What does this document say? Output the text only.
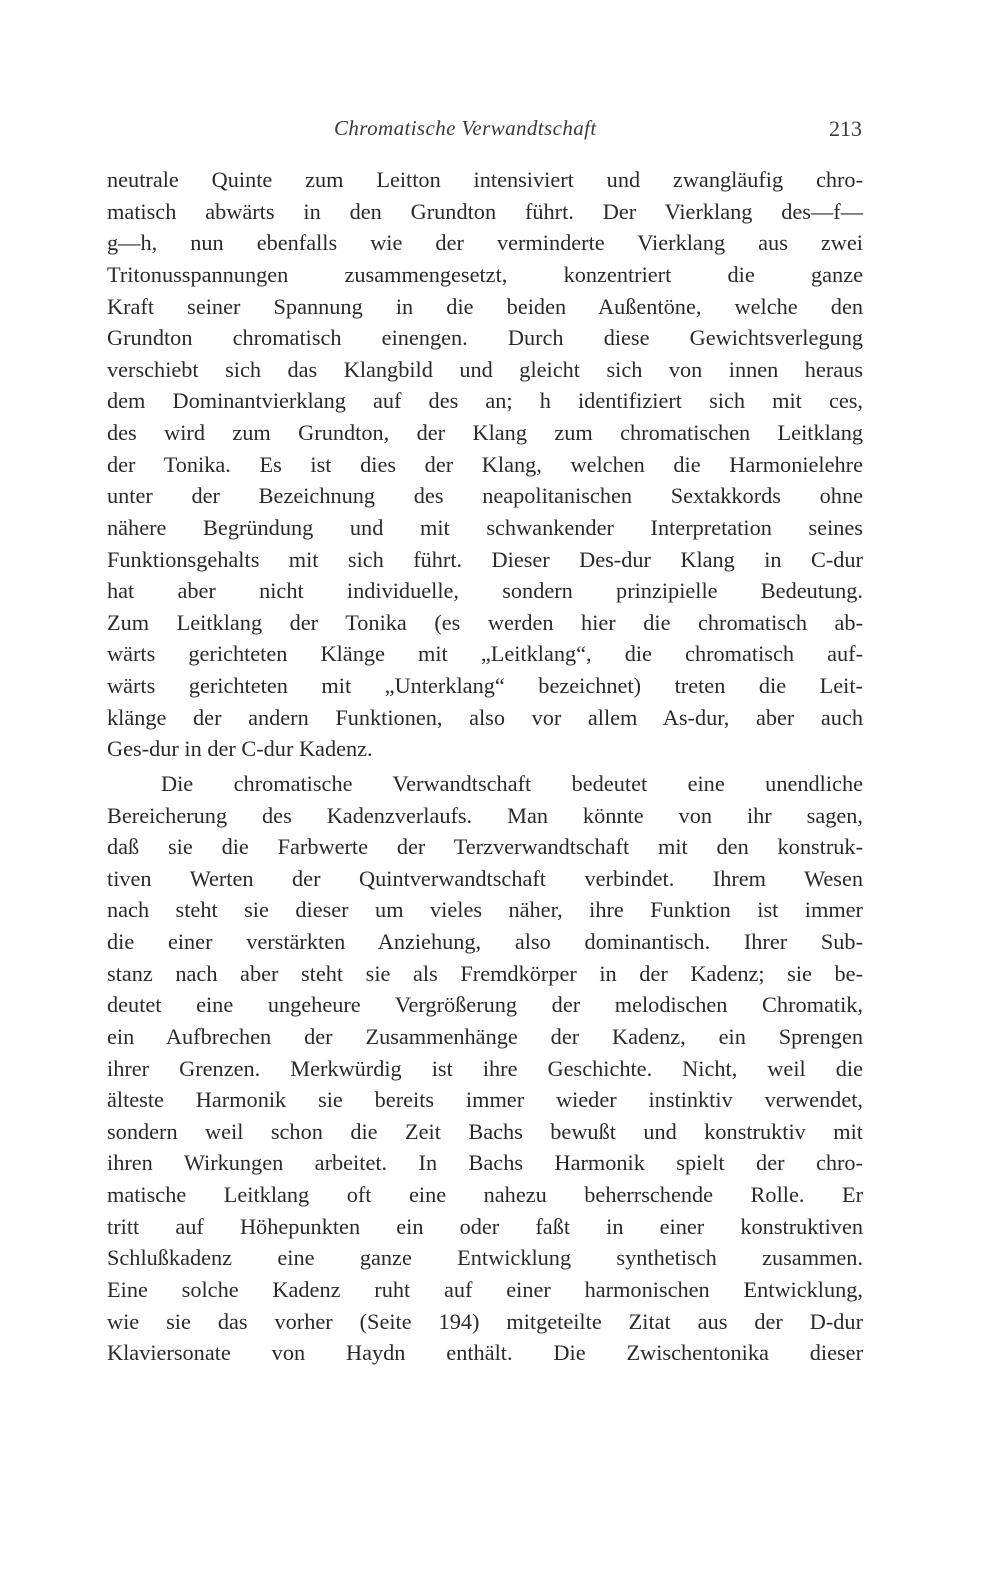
Chromatische Verwandtschaft	213
neutrale Quinte zum Leitton intensiviert und zwangläufig chro-
matisch abwärts in den Grundton führt. Der Vierklang des—f—
g—h, nun ebenfalls wie der verminderte Vierklang aus zwei
Tritonusspannungen zusammengesetzt, konzentriert die ganze
Kraft seiner Spannung in die beiden Außentöne, welche den
Grundton chromatisch einengen. Durch diese Gewichtsverlegung
verschiebt sich das Klangbild und gleicht sich von innen heraus
dem Dominantvierklang auf des an; h identifiziert sich mit ces,
des wird zum Grundton, der Klang zum chromatischen Leitklang
der Tonika. Es ist dies der Klang, welchen die Harmonielehre
unter der Bezeichnung des neapolitanischen Sextakkords ohne
nähere Begründung und mit schwankender Interpretation seines
Funktionsgehalts mit sich führt. Dieser Des-dur Klang in C-dur
hat aber nicht individuelle, sondern prinzipielle Bedeutung.
Zum Leitklang der Tonika (es werden hier die chromatisch ab-
wärts gerichteten Klänge mit „Leitklang“, die chromatisch auf-
wärts gerichteten mit „Unterklang“ bezeichnet) treten die Leit-
klänge der andern Funktionen, also vor allem As-dur, aber auch
Ges-dur in der C-dur Kadenz.
Die chromatische Verwandtschaft bedeutet eine unendliche
Bereicherung des Kadenzverlaufs. Man könnte von ihr sagen,
daß sie die Farbwerte der Terzverwandtschaft mit den konstruk-
tiven Werten der Quintverwandtschaft verbindet. Ihrem Wesen
nach steht sie dieser um vieles näher, ihre Funktion ist immer
die einer verstärkten Anziehung, also dominantisch. Ihrer Sub-
stanz nach aber steht sie als Fremdkörper in der Kadenz; sie be-
deutet eine ungeheure Vergrößerung der melodischen Chromatik,
ein Aufbrechen der Zusammenhänge der Kadenz, ein Sprengen
ihrer Grenzen. Merkwürdig ist ihre Geschichte. Nicht, weil die
älteste Harmonik sie bereits immer wieder instinktiv verwendet,
sondern weil schon die Zeit Bachs bewußt und konstruktiv mit
ihren Wirkungen arbeitet. In Bachs Harmonik spielt der chro-
matische Leitklang oft eine nahezu beherrschende Rolle. Er
tritt auf Höhepunkten ein oder faßt in einer konstruktiven
Schlußkadenz eine ganze Entwicklung synthetisch zusammen.
Eine solche Kadenz ruht auf einer harmonischen Entwicklung,
wie sie das vorher (Seite 194) mitgeteilte Zitat aus der D-dur
Klaviersonate von Haydn enthält. Die Zwischentonika dieser
